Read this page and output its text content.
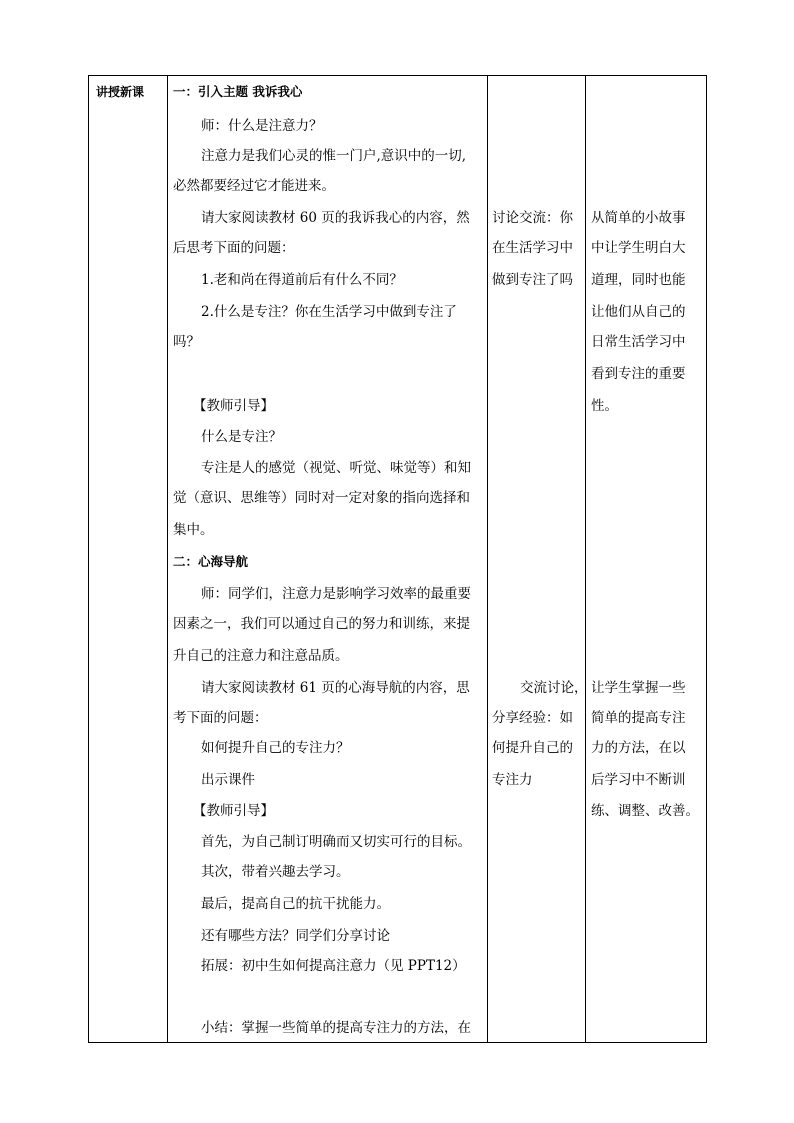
讲授新课 一：引入主题 我诉我心
师：什么是注意力？
注意力是我们心灵的惟一门户,意识中的一切,
必然都要经过它才能进来。
请大家阅读教材 60 页的我诉我心的内容，然
后思考下面的问题：
1.老和尚在得道前后有什么不同？
2.什么是专注？你在生活学习中做到专注了
吗？
【教师引导】
什么是专注？
专注是人的感觉（视觉、听觉、味觉等）和知
觉（意识、思维等）同时对一定对象的指向选择和
集中。
二：心海导航
师：同学们，注意力是影响学习效率的最重要
因素之一，我们可以通过自己的努力和训练，来提
升自己的注意力和注意品质。
请大家阅读教材 61 页的心海导航的内容，思
考下面的问题：
如何提升自己的专注力？
出示课件
【教师引导】
首先，为自己制订明确而又切实可行的目标。
其次，带着兴趣去学习。
最后，提高自己的抗干扰能力。
还有哪些方法？同学们分享讨论
拓展：初中生如何提高注意力（见 PPT12）
小结：掌握一些简单的提高专注力的方法，在
讨论交流：你
在生活学习中
做到专注了吗
交流讨论，
分享经验：如
何提升自己的
专注力
从简单的小故事
中让学生明白大
道理，同时也能
让他们从自己的
日常生活学习中
看到专注的重要
性。
让学生掌握一些
简单的提高专注
力的方法，在以
后学习中不断训
练、调整、改善。
